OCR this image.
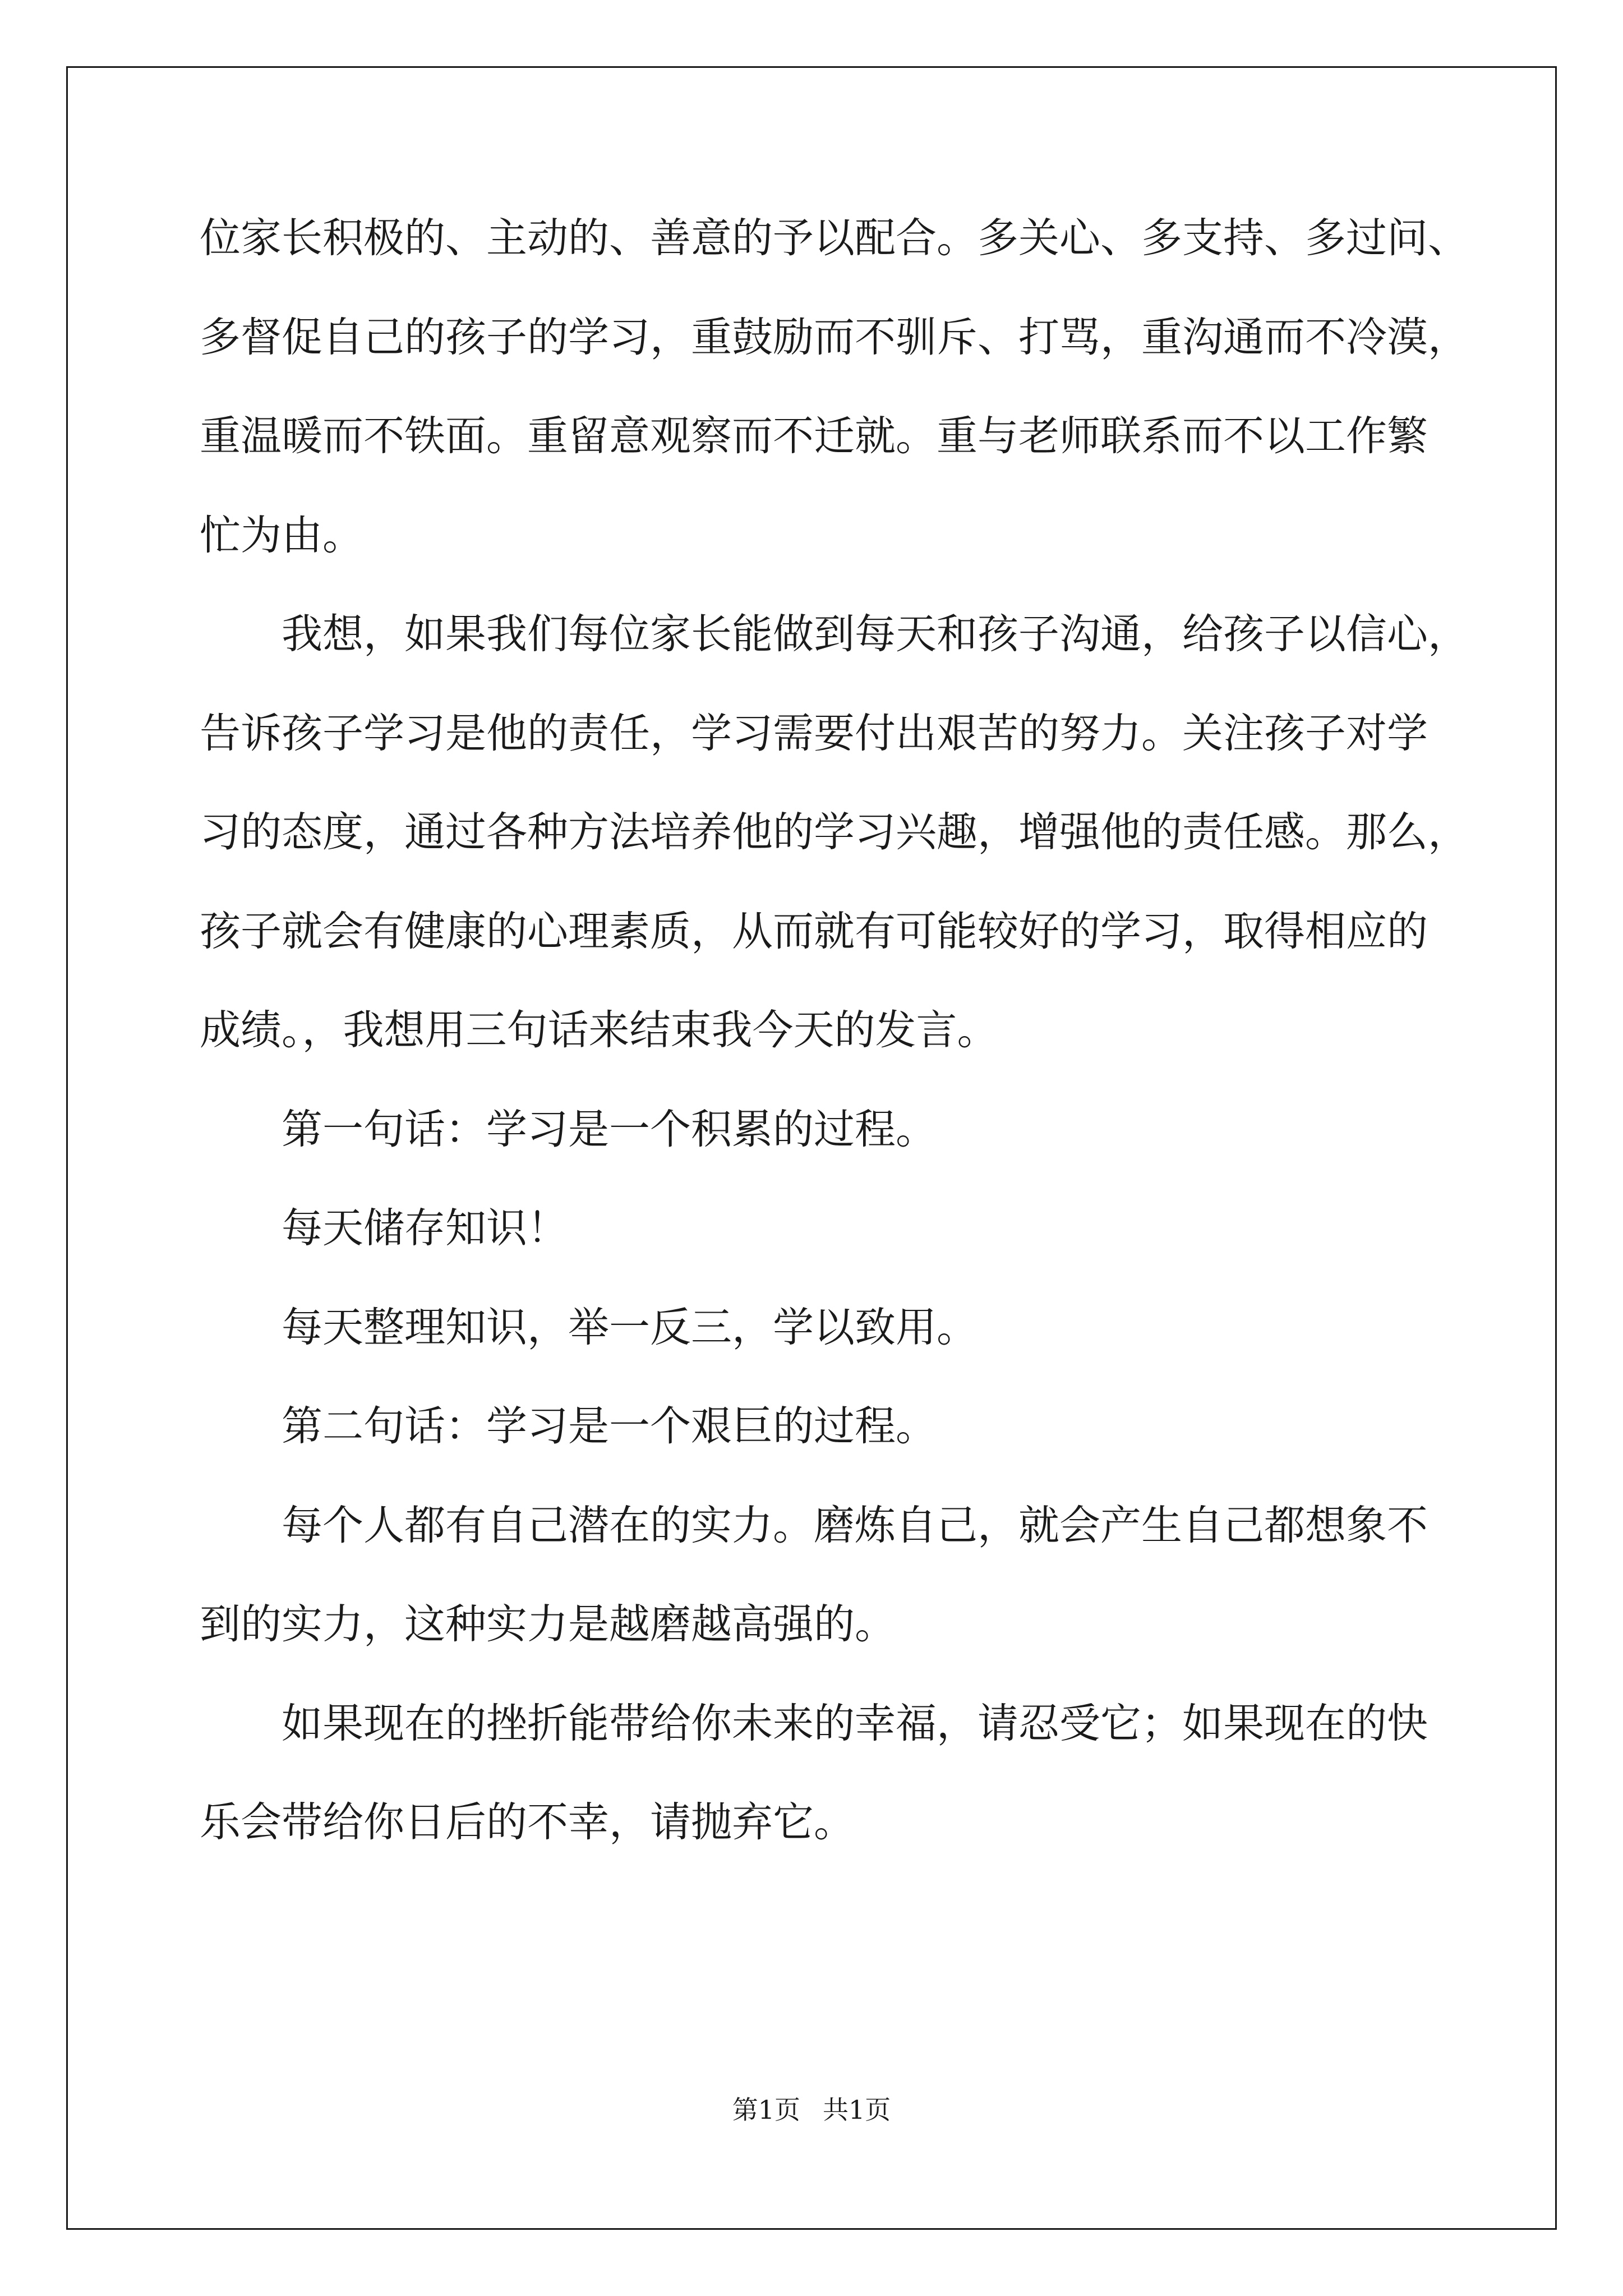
位家长积极的、主动的、善意的予以配合。多关心、多支持、多过问、
多督促自己的孩子的学习，重鼓励而不驯斥、打骂，重沟通而不冷漠，
重温暖而不铁面。重留意观察而不迁就。重与老师联系而不以工作繁
忙为由。
我想，如果我们每位家长能做到每天和孩子沟通，给孩子以信心，
告诉孩子学习是他的责任，学习需要付出艰苦的努力。关注孩子对学
习的态度，通过各种方法培养他的学习兴趣，增强他的责任感。那么，
孩子就会有健康的心理素质，从而就有可能较好的学习，取得相应的
成绩。，我想用三句话来结束我今天的发言。
第一句话：学习是一个积累的过程。
每天储存知识！
每天整理知识，举一反三，学以致用。
第二句话：学习是一个艰巨的过程。
每个人都有自己潜在的实力。磨炼自己，就会产生自己都想象不
到的实力，这种实力是越磨越高强的。
如果现在的挫折能带给你未来的幸福，请忍受它；如果现在的快
乐会带给你日后的不幸，请抛弃它。
第1页 共1页
